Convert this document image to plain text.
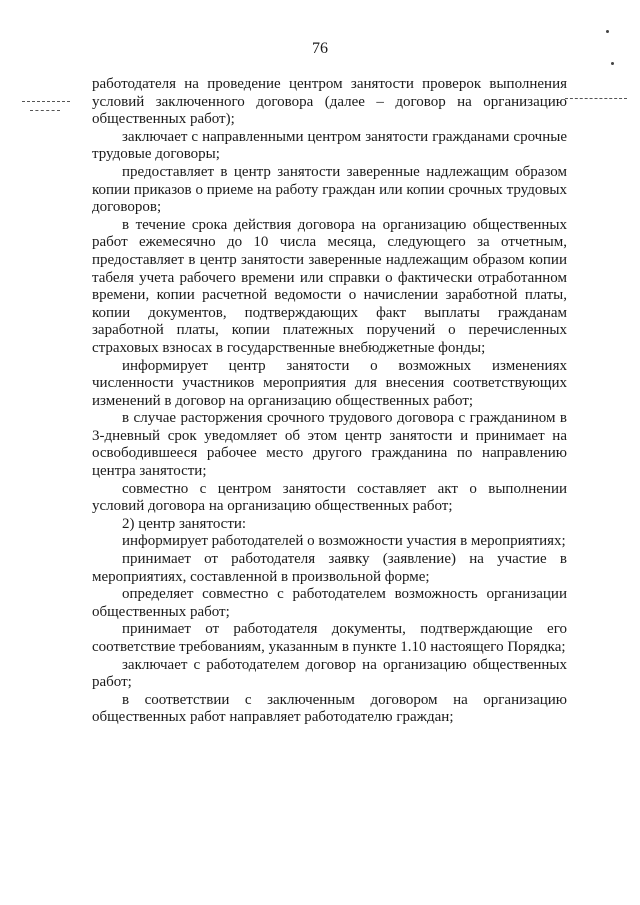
76

работодателя на проведение центром занятости проверок выполнения условий заключенного договора (далее – договор на организацию общественных работ);

заключает с направленными центром занятости гражданами срочные трудовые договоры;

предоставляет в центр занятости заверенные надлежащим образом копии приказов о приеме на работу граждан или копии срочных трудовых договоров;

в течение срока действия договора на организацию общественных работ ежемесячно до 10 числа месяца, следующего за отчетным, предоставляет в центр занятости заверенные надлежащим образом копии табеля учета рабочего времени или справки о фактически отработанном времени, копии расчетной ведомости о начислении заработной платы, копии документов, подтверждающих факт выплаты гражданам заработной платы, копии платежных поручений о перечисленных страховых взносах в государственные внебюджетные фонды;

информирует центр занятости о возможных изменениях численности участников мероприятия для внесения соответствующих изменений в договор на организацию общественных работ;

в случае расторжения срочного трудового договора с гражданином в 3-дневный срок уведомляет об этом центр занятости и принимает на освободившееся рабочее место другого гражданина по направлению центра занятости;

совместно с центром занятости составляет акт о выполнении условий договора на организацию общественных работ;

2) центр занятости:

информирует работодателей о возможности участия в мероприятиях;

принимает от работодателя заявку (заявление) на участие в мероприятиях, составленной в произвольной форме;

определяет совместно с работодателем возможность организации общественных работ;

принимает от работодателя документы, подтверждающие его соответствие требованиям, указанным в пункте 1.10 настоящего Порядка;

заключает с работодателем договор на организацию общественных работ;

в соответствии с заключенным договором на организацию общественных работ направляет работодателю граждан;
